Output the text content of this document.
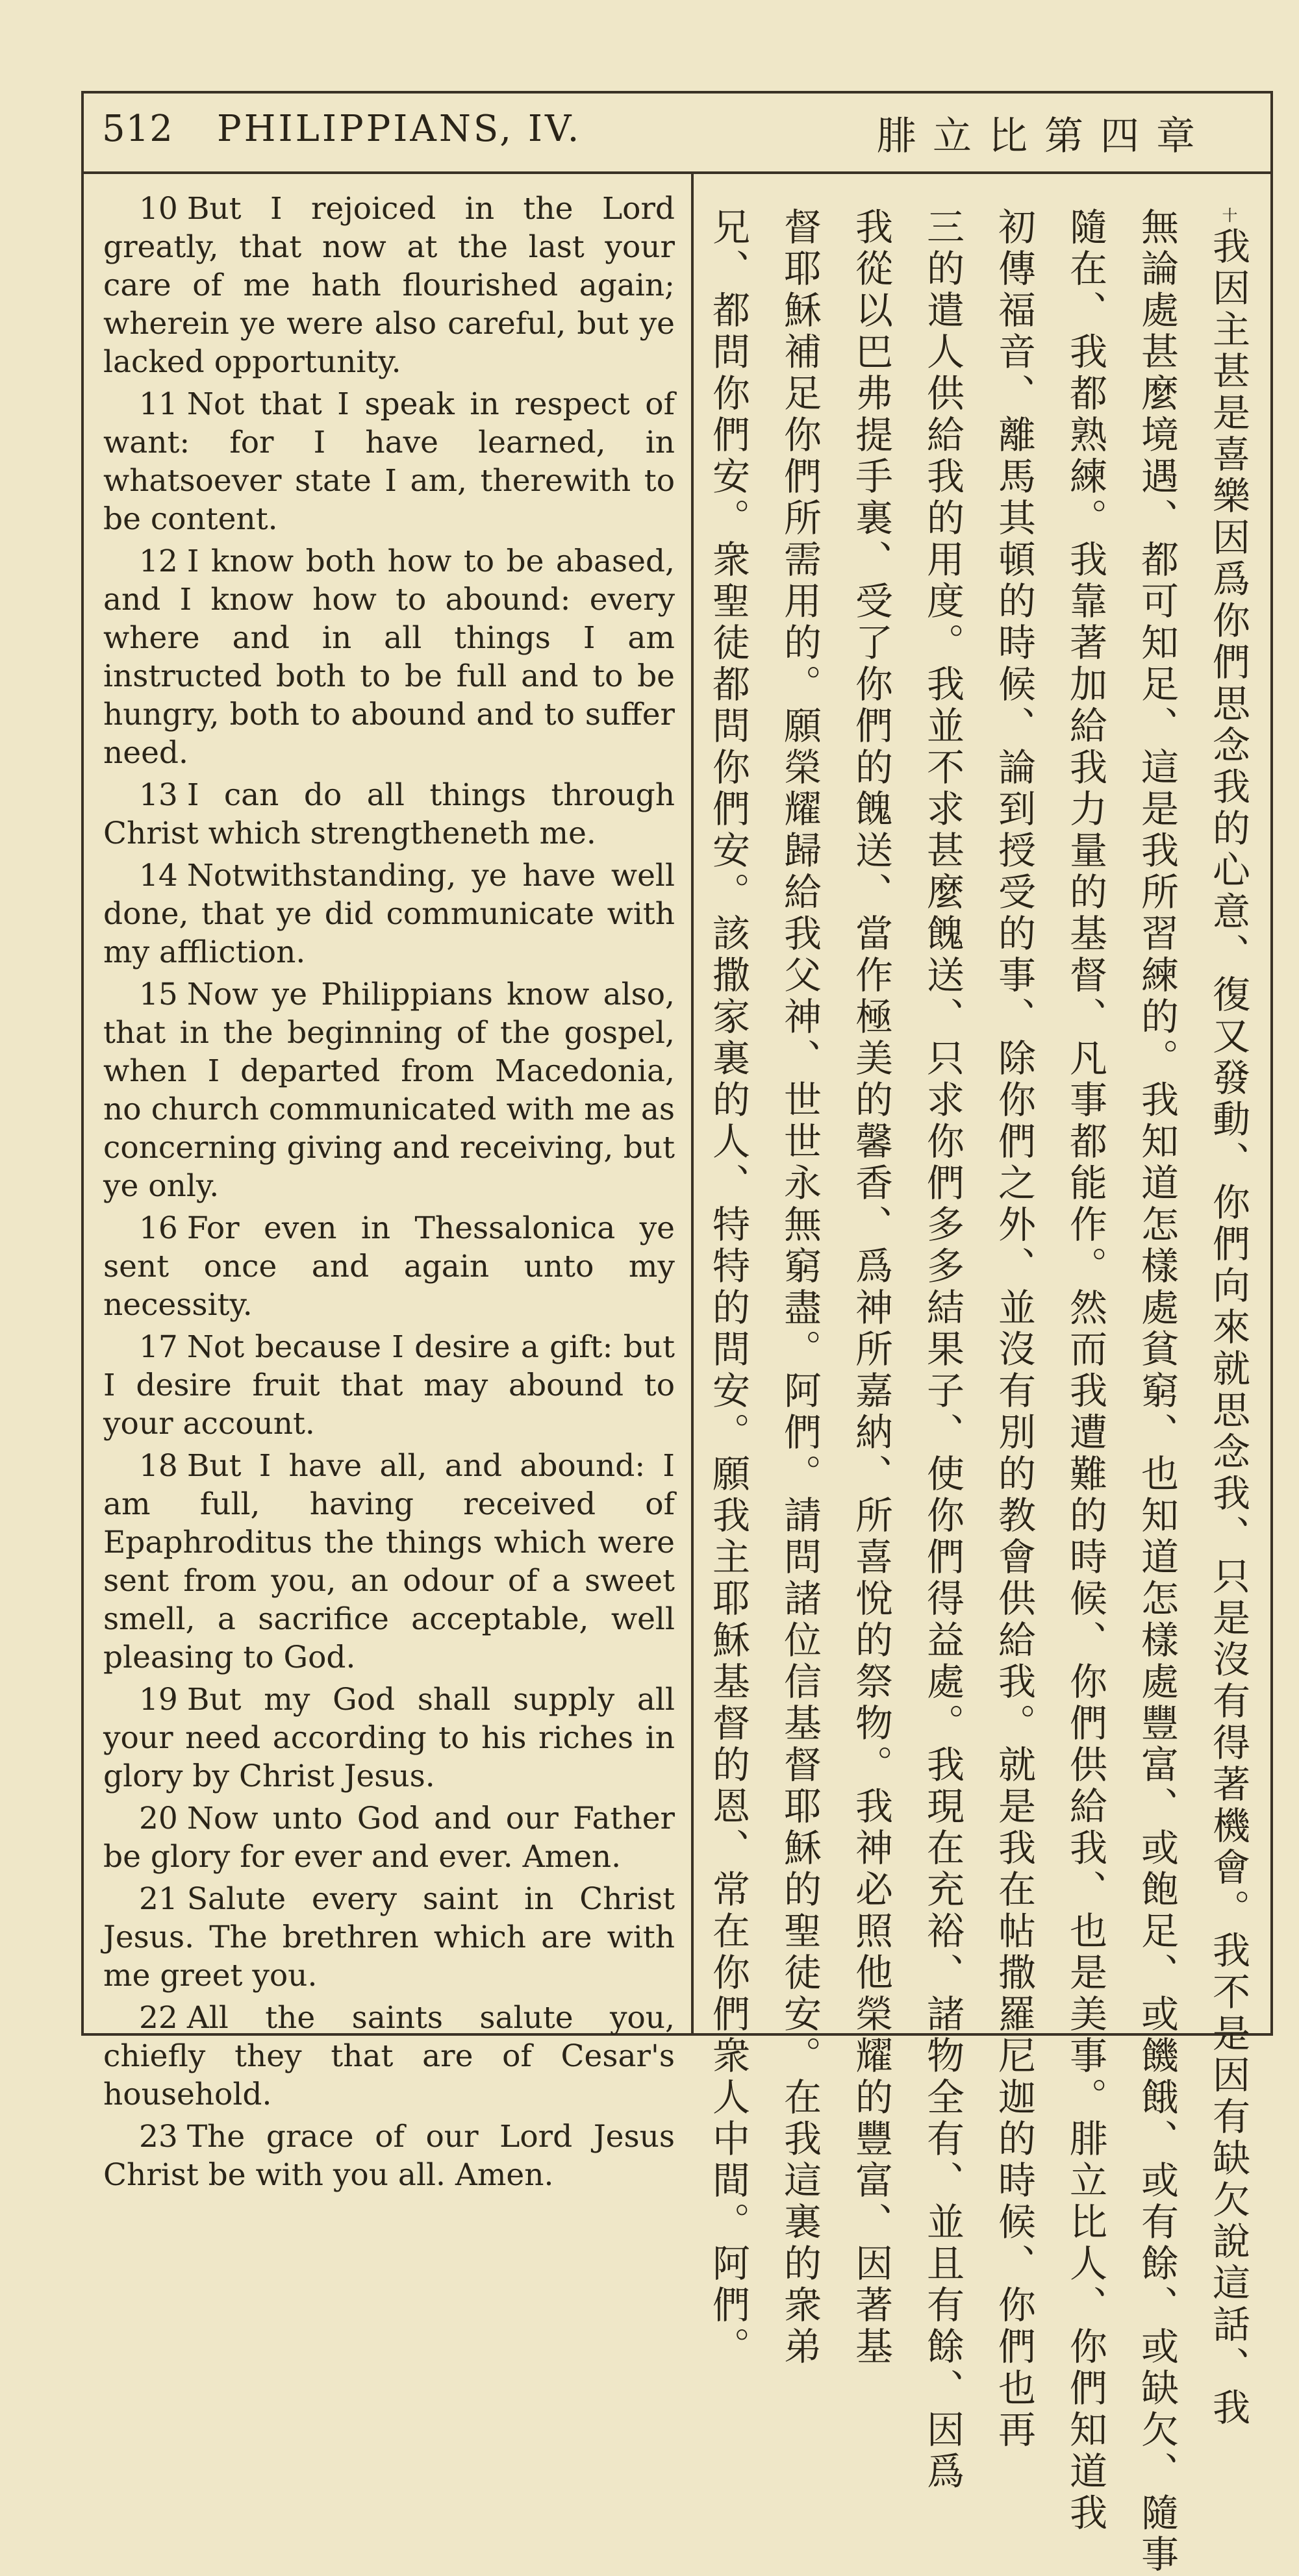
512 PHILIPPIANS, IV.	腓立比第四章

10 But I rejoiced in the Lord greatly, that now at the last your care of me hath flourished again; wherein ye were also careful, but ye lacked opportunity.

11 Not that I speak in respect of want: for I have learned, in whatsoever state I am, therewith to be content.

12 I know both how to be abased, and I know how to abound: every where and in all things I am instructed both to be full and to be hungry, both to abound and to suffer need.

13 I can do all things through Christ which strengtheneth me.

14 Notwithstanding, ye have well done, that ye did communicate with my affliction.

15 Now ye Philippians know also, that in the beginning of the gospel, when I departed from Macedonia, no church communicated with me as concerning giving and receiving, but ye only.

16 For even in Thessalonica ye sent once and again unto my necessity.

17 Not because I desire a gift: but I desire fruit that may abound to your account.

18 But I have all, and abound: I am full, having received of Epaphroditus the things which were sent from you, an odour of a sweet smell, a sacrifice acceptable, well pleasing to God.

19 But my God shall supply all your need according to his riches in glory by Christ Jesus.

20 Now unto God and our Father be glory for ever and ever. Amen.

21 Salute every saint in Christ Jesus. The brethren which are with me greet you.

22 All the saints salute you, chiefly they that are of Cesar's household.

23 The grace of our Lord Jesus Christ be with you all. Amen.

十我因主甚是喜樂因爲你們思念我的心意、復又發動、你們向來就思念我、只是沒有得著機會。我不是因有缺欠說這話、我
無論處甚麼境遇、都可知足、這是我所習練的。我知道怎樣處貧窮、也知道怎樣處豐富、或飽足、或饑餓、或有餘、或缺欠、隨事
隨在、我都熟練。我靠著加給我力量的基督、凡事都能作。然而我遭難的時候、你們供給我、也是美事。腓立比人、你們知道我
初傳福音、離馬其頓的時候、論到授受的事、除你們之外、並沒有別的教會供給我。就是我在帖撒羅尼迦的時候、你們也再
三的遣人供給我的用度。我並不求甚麼餽送、只求你們多多結果子、使你們得益處。我現在充裕、諸物全有、並且有餘、因爲
我從以巴弗提手裏、受了你們的餽送、當作極美的馨香、爲神所嘉納、所喜悅的祭物。我神必照他榮耀的豐富、因著基
督耶穌補足你們所需用的。願榮耀歸給我父神、世世永無窮盡。阿們。請問諸位信基督耶穌的聖徒安。在我這裏的衆弟
兄、都問你們安。衆聖徒都問你們安。該撒家裏的人、特特的問安。願我主耶穌基督的恩、常在你們衆人中間。阿們。
